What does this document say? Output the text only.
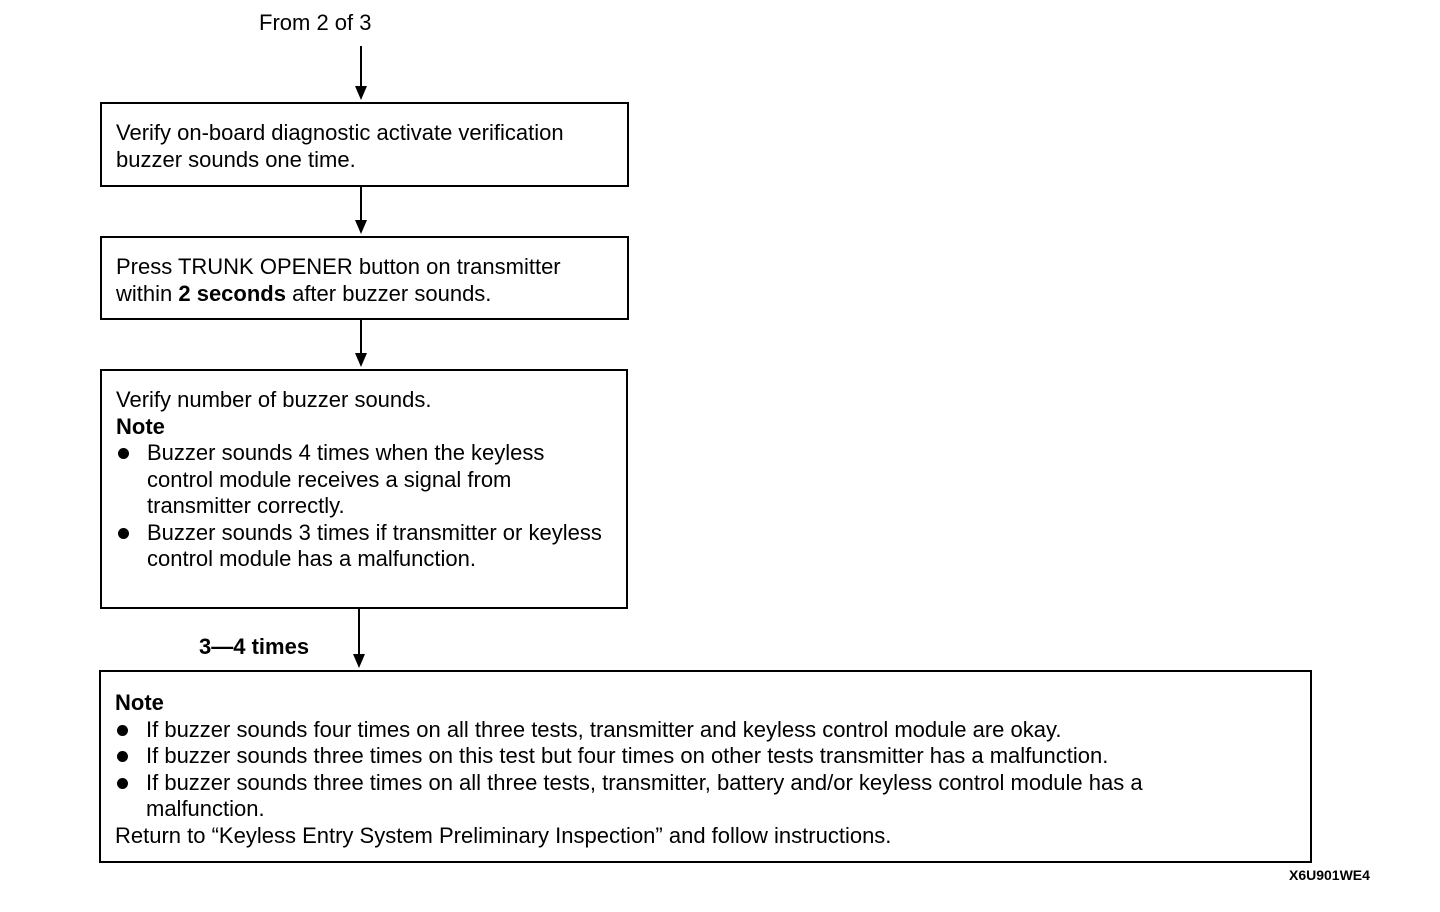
From 2 of 3

Verify on-board diagnostic activate verification buzzer sounds one time.

Press TRUNK OPENER button on transmitter within 2 seconds after buzzer sounds.

Verify number of buzzer sounds.

Note

Buzzer sounds 4 times when the keyless control module receives a signal from transmitter correctly.
Buzzer sounds 3 times if transmitter or keyless control module has a malfunction.
3—4 times

Note

If buzzer sounds four times on all three tests, transmitter and keyless control module are okay.
If buzzer sounds three times on this test but four times on other tests transmitter has a malfunction.
If buzzer sounds three times on all three tests, transmitter, battery and/or keyless control module has a malfunction.

Return to “Keyless Entry System Preliminary Inspection” and follow instructions.

X6U901WE4
